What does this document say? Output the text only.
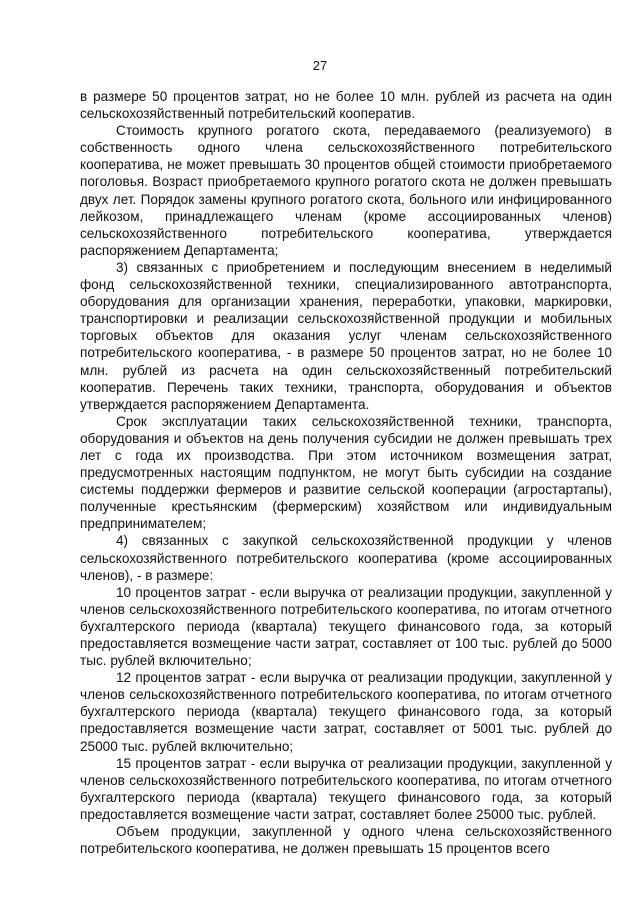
27

в размере 50 процентов затрат, но не более 10 млн. рублей из расчета на один сельскохозяйственный потребительский кооператив.

Стоимость крупного рогатого скота, передаваемого (реализуемого) в собственность одного члена сельскохозяйственного потребительского кооператива, не может превышать 30 процентов общей стоимости приобретаемого поголовья. Возраст приобретаемого крупного рогатого скота не должен превышать двух лет. Порядок замены крупного рогатого скота, больного или инфицированного лейкозом, принадлежащего членам (кроме ассоциированных членов) сельскохозяйственного потребительского кооператива, утверждается распоряжением Департамента;

3) связанных с приобретением и последующим внесением в неделимый фонд сельскохозяйственной техники, специализированного автотранспорта, оборудования для организации хранения, переработки, упаковки, маркировки, транспортировки и реализации сельскохозяйственной продукции и мобильных торговых объектов для оказания услуг членам сельскохозяйственного потребительского кооператива, - в размере 50 процентов затрат, но не более 10 млн. рублей из расчета на один сельскохозяйственный потребительский кооператив. Перечень таких техники, транспорта, оборудования и объектов утверждается распоряжением Департамента.

Срок эксплуатации таких сельскохозяйственной техники, транспорта, оборудования и объектов на день получения субсидии не должен превышать трех лет с года их производства. При этом источником возмещения затрат, предусмотренных настоящим подпунктом, не могут быть субсидии на создание системы поддержки фермеров и развитие сельской кооперации (агростартапы), полученные крестьянским (фермерским) хозяйством или индивидуальным предпринимателем;

4) связанных с закупкой сельскохозяйственной продукции у членов сельскохозяйственного потребительского кооператива (кроме ассоциированных членов), - в размере:

10 процентов затрат - если выручка от реализации продукции, закупленной у членов сельскохозяйственного потребительского кооператива, по итогам отчетного бухгалтерского периода (квартала) текущего финансового года, за который предоставляется возмещение части затрат, составляет от 100 тыс. рублей до 5000 тыс. рублей включительно;

12 процентов затрат - если выручка от реализации продукции, закупленной у членов сельскохозяйственного потребительского кооператива, по итогам отчетного бухгалтерского периода (квартала) текущего финансового года, за который предоставляется возмещение части затрат, составляет от 5001 тыс. рублей до 25000 тыс. рублей включительно;

15 процентов затрат - если выручка от реализации продукции, закупленной у членов сельскохозяйственного потребительского кооператива, по итогам отчетного бухгалтерского периода (квартала) текущего финансового года, за который предоставляется возмещение части затрат, составляет более 25000 тыс. рублей.

Объем продукции, закупленной у одного члена сельскохозяйственного потребительского кооператива, не должен превышать 15 процентов всего
